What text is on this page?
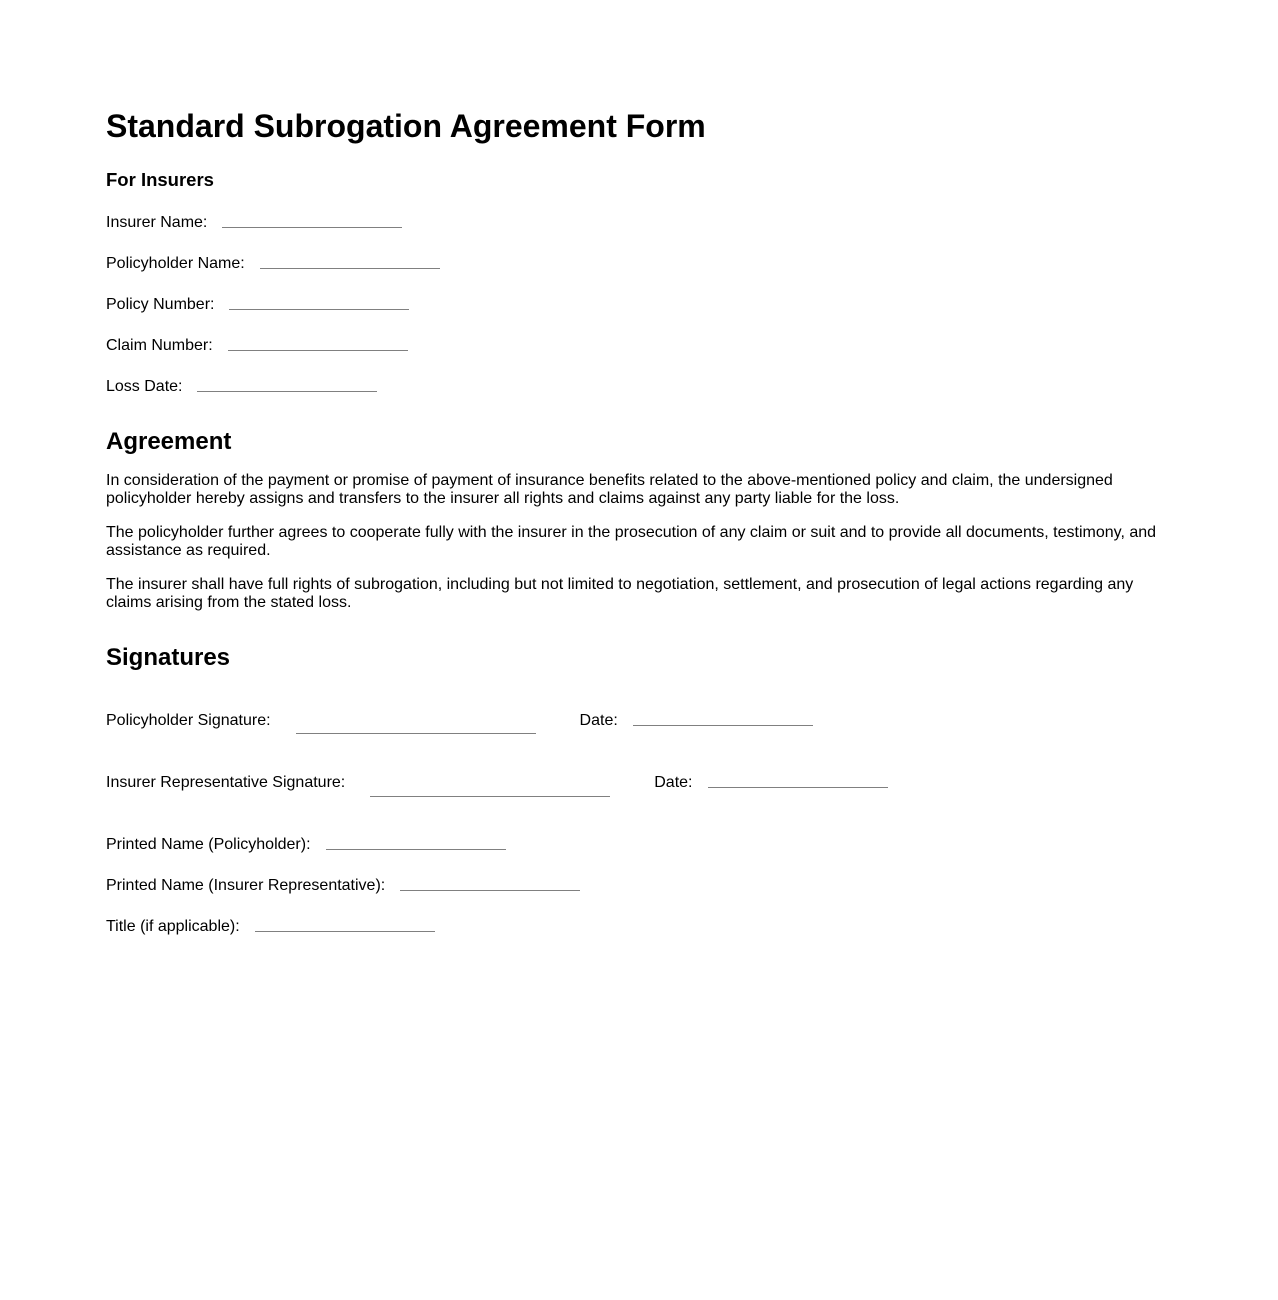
Standard Subrogation Agreement Form
For Insurers
Insurer Name:
Policyholder Name:
Policy Number:
Claim Number:
Loss Date:
Agreement

In consideration of the payment or promise of payment of insurance benefits related to the above-mentioned policy and claim, the undersigned policyholder hereby assigns and transfers to the insurer all rights and claims against any party liable for the loss.

The policyholder further agrees to cooperate fully with the insurer in the prosecution of any claim or suit and to provide all documents, testimony, and assistance as required.

The insurer shall have full rights of subrogation, including but not limited to negotiation, settlement, and prosecution of legal actions regarding any claims arising from the stated loss.

Signatures
Policyholder Signature:	Date:
Insurer Representative Signature:	Date:
Printed Name (Policyholder):
Printed Name (Insurer Representative):
Title (if applicable):
